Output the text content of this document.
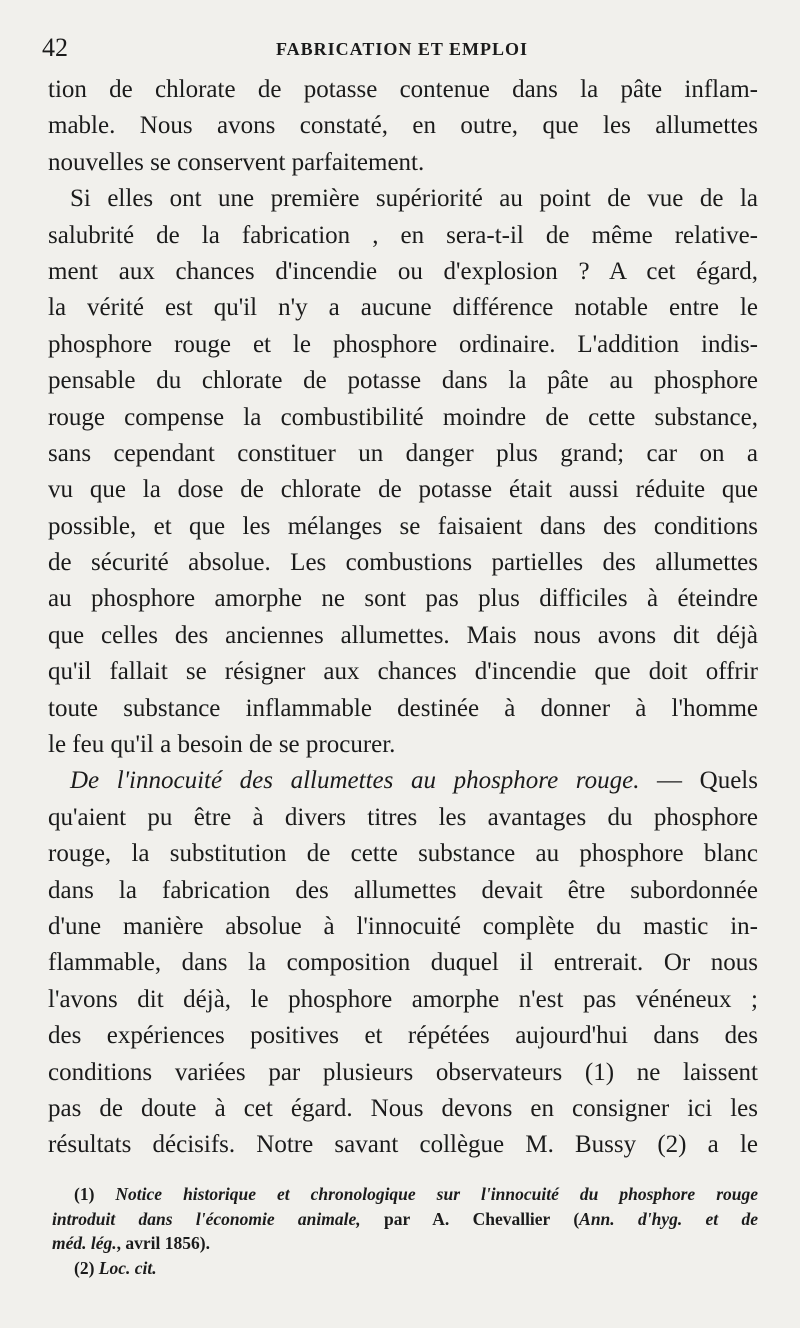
42	FABRICATION ET EMPLOI
tion de chlorate de potasse contenue dans la pâte inflam-
mable. Nous avons constaté, en outre, que les allumettes
nouvelles se conservent parfaitement.
Si elles ont une première supériorité au point de vue de la
salubrité de la fabrication , en sera-t-il de même relative-
ment aux chances d'incendie ou d'explosion ? A cet égard,
la vérité est qu'il n'y a aucune différence notable entre le
phosphore rouge et le phosphore ordinaire. L'addition indis-
pensable du chlorate de potasse dans la pâte au phosphore
rouge compense la combustibilité moindre de cette substance,
sans cependant constituer un danger plus grand; car on a
vu que la dose de chlorate de potasse était aussi réduite que
possible, et que les mélanges se faisaient dans des conditions
de sécurité absolue. Les combustions partielles des allumettes
au phosphore amorphe ne sont pas plus difficiles à éteindre
que celles des anciennes allumettes. Mais nous avons dit déjà
qu'il fallait se résigner aux chances d'incendie que doit offrir
toute substance inflammable destinée à donner à l'homme
le feu qu'il a besoin de se procurer.
De l'innocuité des allumettes au phosphore rouge. — Quels
qu'aient pu être à divers titres les avantages du phosphore
rouge, la substitution de cette substance au phosphore blanc
dans la fabrication des allumettes devait être subordonnée
d'une manière absolue à l'innocuité complète du mastic in-
flammable, dans la composition duquel il entrerait. Or nous
l'avons dit déjà, le phosphore amorphe n'est pas vénéneux ;
des expériences positives et répétées aujourd'hui dans des
conditions variées par plusieurs observateurs (1) ne laissent
pas de doute à cet égard. Nous devons en consigner ici les
résultats décisifs. Notre savant collègue M. Bussy (2) a le
(1) Notice historique et chronologique sur l'innocuité du phosphore rouge
introduit dans l'économie animale, par A. Chevallier (Ann. d'hyg. et de
méd. lég., avril 1856).
(2) Loc. cit.
